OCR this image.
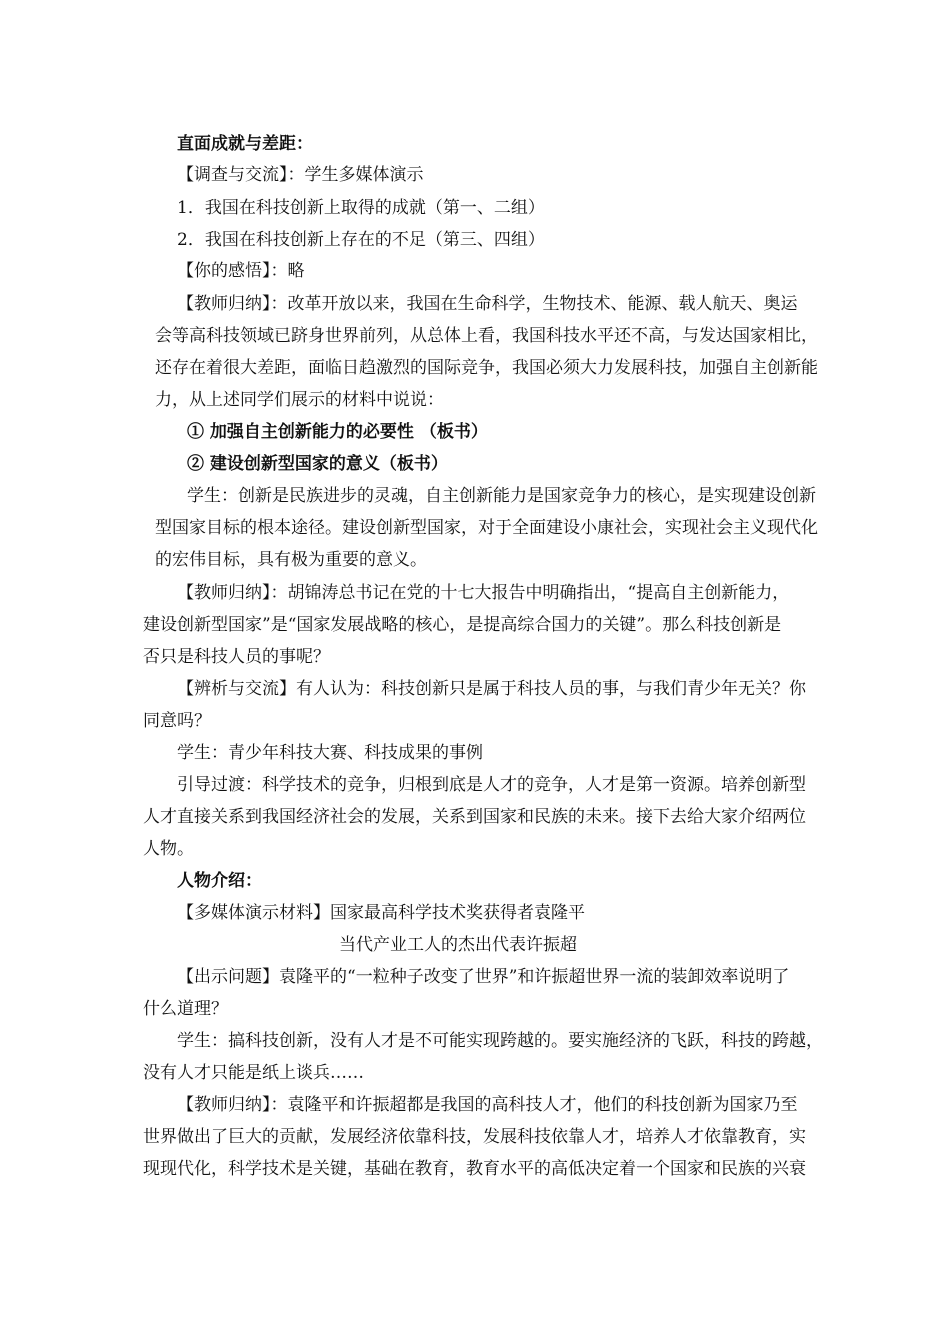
直面成就与差距：
【调查与交流】：学生多媒体演示
1．我国在科技创新上取得的成就（第一、二组）
2．我国在科技创新上存在的不足（第三、四组）
【你的感悟】：略
【教师归纳】：改革开放以来，我国在生命科学，生物技术、能源、载人航天、奥运
会等高科技领域已跻身世界前列，从总体上看，我国科技水平还不高，与发达国家相比，
还存在着很大差距，面临日趋激烈的国际竞争，我国必须大力发展科技，加强自主创新能
力，从上述同学们展示的材料中说说：
① 加强自主创新能力的必要性 （板书）
② 建设创新型国家的意义（板书）
学生：创新是民族进步的灵魂，自主创新能力是国家竞争力的核心，是实现建设创新
型国家目标的根本途径。建设创新型国家，对于全面建设小康社会，实现社会主义现代化
的宏伟目标，具有极为重要的意义。
【教师归纳】：胡锦涛总书记在党的十七大报告中明确指出，“提高自主创新能力，
建设创新型国家”是“国家发展战略的核心，是提高综合国力的关键”。那么科技创新是
否只是科技人员的事呢？
【辨析与交流】有人认为：科技创新只是属于科技人员的事，与我们青少年无关？你
同意吗？
学生：青少年科技大赛、科技成果的事例
引导过渡：科学技术的竞争，归根到底是人才的竞争，人才是第一资源。培养创新型
人才直接关系到我国经济社会的发展，关系到国家和民族的未来。接下去给大家介绍两位
人物。
人物介绍：
【多媒体演示材料】国家最高科学技术奖获得者袁隆平
当代产业工人的杰出代表许振超
【出示问题】袁隆平的“一粒种子改变了世界”和许振超世界一流的装卸效率说明了
什么道理？
学生：搞科技创新，没有人才是不可能实现跨越的。要实施经济的飞跃，科技的跨越，
没有人才只能是纸上谈兵……
【教师归纳】：袁隆平和许振超都是我国的高科技人才，他们的科技创新为国家乃至
世界做出了巨大的贡献，发展经济依靠科技，发展科技依靠人才，培养人才依靠教育，实
现现代化，科学技术是关键，基础在教育，教育水平的高低决定着一个国家和民族的兴衰
